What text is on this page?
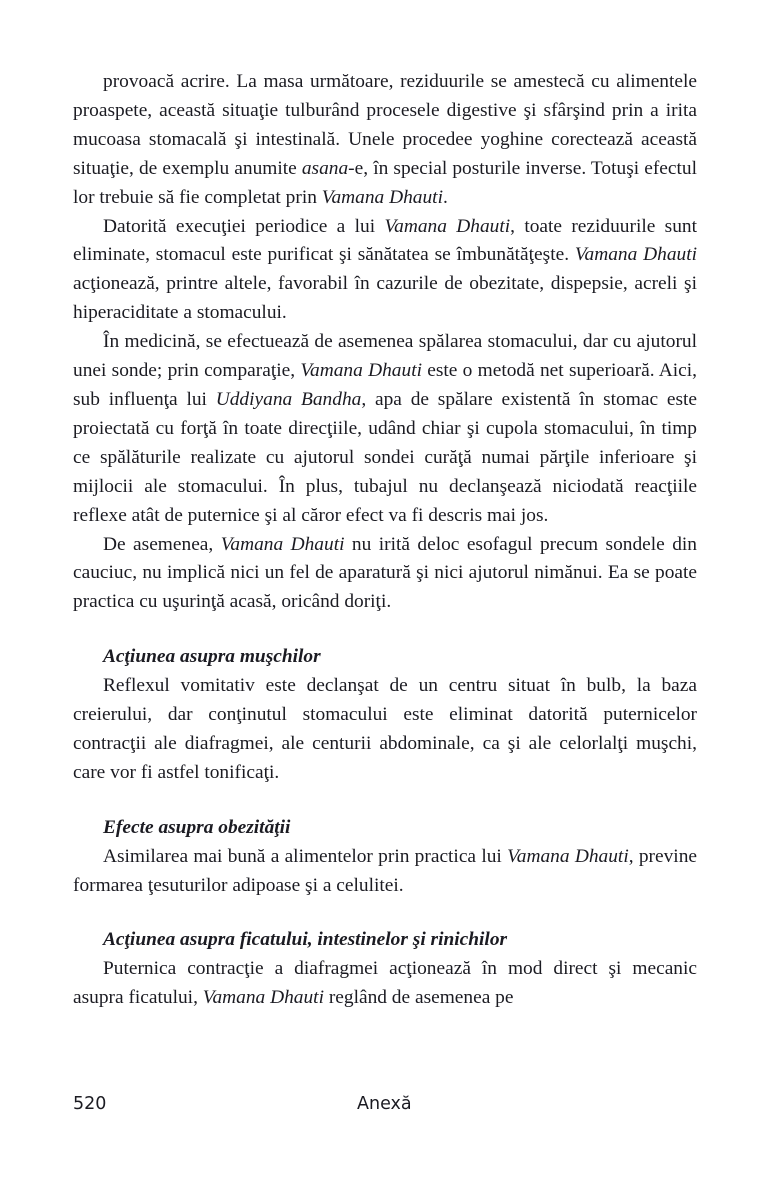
provoacă acrire. La masa următoare, reziduurile se amestecă cu alimentele proaspete, această situaţie tulburând procesele digestive şi sfârşind prin a irita mucoasa stomacală şi intestinală. Unele procedee yoghine corectează această situaţie, de exemplu anumite asana-e, în special posturile inverse. Totuşi efectul lor trebuie să fie completat prin Vamana Dhauti.

Datorită execuţiei periodice a lui Vamana Dhauti, toate reziduurile sunt eliminate, stomacul este purificat şi sănătatea se îmbunătăţeşte. Vamana Dhauti acţionează, printre altele, favorabil în cazurile de obezitate, dispepsie, acreli şi hiperaciditate a stomacului.

În medicină, se efectuează de asemenea spălarea stomacului, dar cu ajutorul unei sonde; prin comparaţie, Vamana Dhauti este o metodă net superioară. Aici, sub influenţa lui Uddiyana Bandha, apa de spălare existentă în stomac este proiectată cu forţă în toate direcţiile, udând chiar şi cupola stomacului, în timp ce spălăturile realizate cu ajutorul sondei curăţă numai părţile inferioare şi mijlocii ale stomacului. În plus, tubajul nu declanşează niciodată reacţiile reflexe atât de puternice şi al căror efect va fi descris mai jos.

De asemenea, Vamana Dhauti nu irită deloc esofagul precum sondele din cauciuc, nu implică nici un fel de aparatură şi nici ajutorul nimănui. Ea se poate practica cu uşurinţă acasă, oricând doriţi.

Acţiunea asupra muşchilor

Reflexul vomitativ este declanşat de un centru situat în bulb, la baza creierului, dar conţinutul stomacului este eliminat datorită puternicelor contracţii ale diafragmei, ale centurii abdominale, ca şi ale celorlalţi muşchi, care vor fi astfel tonificaţi.

Efecte asupra obezităţii

Asimilarea mai bună a alimentelor prin practica lui Vamana Dhauti, previne formarea ţesuturilor adipoase şi a celulitei.

Acţiunea asupra ficatului, intestinelor şi rinichilor

Puternica contracţie a diafragmei acţionează în mod direct şi mecanic asupra ficatului, Vamana Dhauti reglând de asemenea pe

520	Anexă
